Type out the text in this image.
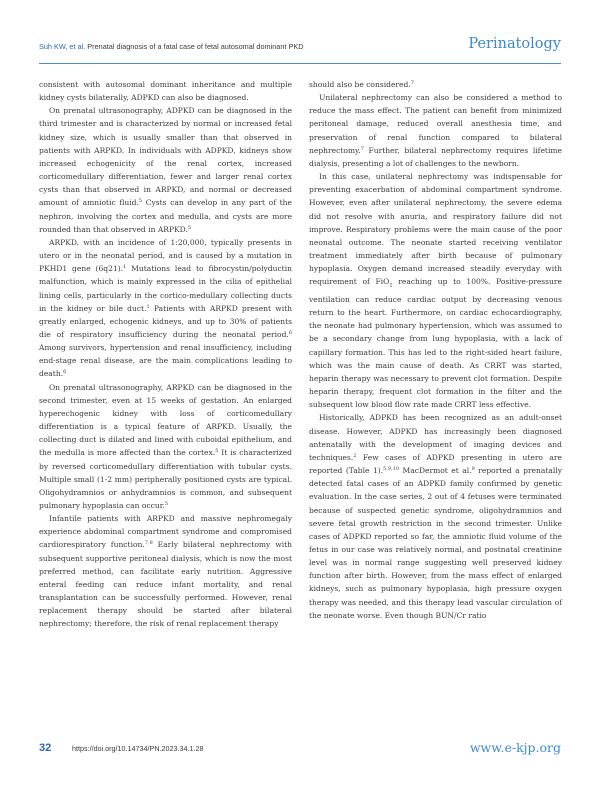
Suh KW, et al. Prenatal diagnosis of a fatal case of fetal autosomal dominant PKD	Perinatology

consistent with autosomal dominant inheritance and multiple kidney cysts bilaterally, ADPKD can also be diagnosed.

On prenatal ultrasonography, ADPKD can be diagnosed in the third trimester and is characterized by normal or increased fetal kidney size, which is usually smaller than that observed in patients with ARPKD. In individuals with ADPKD, kidneys show increased echogenicity of the renal cortex, increased corticomedullary differentiation, fewer and larger renal cortex cysts than that observed in ARPKD, and normal or decreased amount of amniotic fluid.$^5$ Cysts can develop in any part of the nephron, involving the cortex and medulla, and cysts are more rounded than that observed in ARPKD.$^5$

ARPKD, with an incidence of 1:20,000, typically presents in utero or in the neonatal period, and is caused by a mutation in PKHD1 gene (6q21).$^1$ Mutations lead to fibrocystin/polyductin malfunction, which is mainly expressed in the cilia of epithelial lining cells, particularly in the cortico-medullary collecting ducts in the kidney or bile duct.$^1$ Patients with ARPKD present with greatly enlarged, echogenic kidneys, and up to 30% of patients die of respiratory insufficiency during the neonatal period.$^6$ Among survivors, hypertension and renal insufficiency, including end-stage renal disease, are the main complications leading to death.$^6$

On prenatal ultrasonography, ARPKD can be diagnosed in the second trimester, even at 15 weeks of gestation. An enlarged hyperechogenic kidney with loss of corticomedullary differentiation is a typical feature of ARPKD. Usually, the collecting duct is dilated and lined with cuboidal epithelium, and the medulla is more affected than the cortex.$^5$ It is characterized by reversed corticomedullary differentiation with tubular cysts. Multiple small (1-2 mm) peripherally positioned cysts are typical. Oligohydramnios or anhydramnios is common, and subsequent pulmonary hypoplasia can occur.$^5$

Infantile patients with ARPKD and massive nephromegaly experience abdominal compartment syndrome and compromised cardiorespiratory function.$^{7,8}$ Early bilateral nephrectomy with subsequent supportive peritoneal dialysis, which is now the most preferred method, can facilitate early nutrition. Aggressive enteral feeding can reduce infant mortality, and renal transplantation can be successfully performed. However, renal replacement therapy should be started after bilateral nephrectomy; therefore, the risk of renal replacement therapy

should also be considered.$^7$

Unilateral nephrectomy can also be considered a method to reduce the mass effect. The patient can benefit from minimized peritoneal damage, reduced overall anesthesia time, and preservation of renal function compared to bilateral nephrectomy.$^7$ Further, bilateral nephrectomy requires lifetime dialysis, presenting a lot of challenges to the newborn.

In this case, unilateral nephrectomy was indispensable for preventing exacerbation of abdominal compartment syndrome. However, even after unilateral nephrectomy, the severe edema did not resolve with anuria, and respiratory failure did not improve. Respiratory problems were the main cause of the poor neonatal outcome. The neonate started receiving ventilator treatment immediately after birth because of pulmonary hypoplasia. Oxygen demand increased steadily everyday with requirement of FiO$_2$ reaching up to 100%. Positive-pressure ventilation can reduce cardiac output by decreasing venous return to the heart. Furthermore, on cardiac echocardiography, the neonate had pulmonary hypertension, which was assumed to be a secondary change from lung hypoplasia, with a lack of capillary formation. This has led to the right-sided heart failure, which was the main cause of death. As CRRT was started, heparin therapy was necessary to prevent clot formation. Despite heparin therapy, frequent clot formation in the filter and the subsequent low blood flow rate made CRRT less effective.

Historically, ADPKD has been recognized as an adult-onset disease. However, ADPKD has increasingly been diagnosed antenatally with the development of imaging devices and techniques.$^2$ Few cases of ADPKD presenting in utero are reported (Table 1).$^{5,9,10}$ MacDermot et al.$^9$ reported a prenatally detected fatal cases of an ADPKD family confirmed by genetic evaluation. In the case series, 2 out of 4 fetuses were terminated because of suspected genetic syndrome, oligohydramnios and severe fetal growth restriction in the second trimester. Unlike cases of ADPKD reported so far, the amniotic fluid volume of the fetus in our case was relatively normal, and postnatal creatinine level was in normal range suggesting well preserved kidney function after birth. However, from the mass effect of enlarged kidneys, such as pulmonary hypoplasia, high pressure oxygen therapy was needed, and this therapy lead vascular circulation of the neonate worse. Even though BUN/Cr ratio

32	https://doi.org/10.14734/PN.2023.34.1.28	www.e-kjp.org
